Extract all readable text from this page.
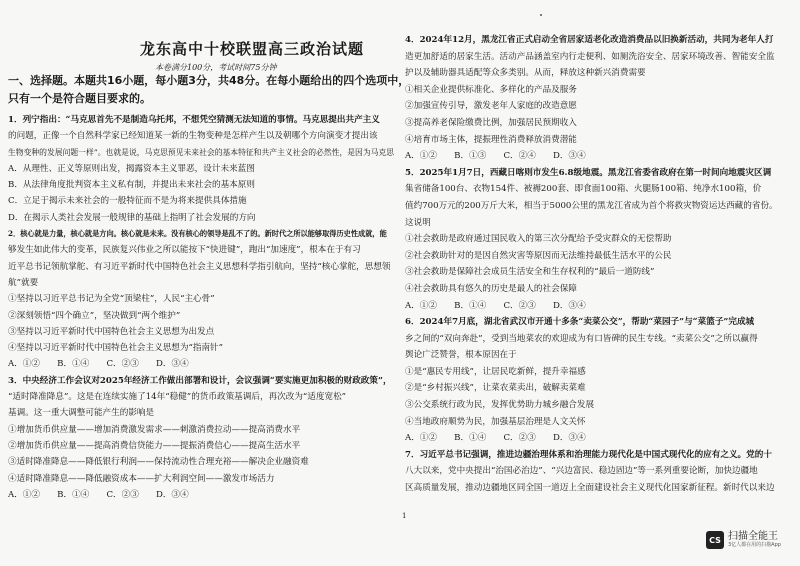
龙东高中十校联盟高三政治试题
本卷满分100分，考试时间75分钟
一、选择题。本题共16小题，每小题3分，共48分。在每小题给出的四个选项中，
只有一个是符合题目要求的。
1．列宁指出：“马克思首先不是制造乌托邦，不想凭空猜测无法知道的事情。马克思提出共产主义
的问题，正像一个自然科学家已经知道某一新的生物变种是怎样产生以及朝哪个方向演变才提出该
生物变种的发展问题一样”。也就是说，马克思预见未来社会的基本特征和共产主义社会的必然性，是因为马克思
A．从理性、正义等原则出发，揭露资本主义罪恶，设计未来蓝图
B．从法律角度批判资本主义私有制，并提出未来社会的基本原则
C．立足于揭示未来社会的一般特征而不是为将来提供具体措施
D．在揭示人类社会发展一般规律的基础上指明了社会发展的方向
2．核心就是力量，核心就是方向。核心就是未来。没有核心的领导是乱不了的。新时代之所以能够取得历史性成就，能
够发生如此伟大的变革，民族复兴伟业之所以能按下“快进键”，跑出“加速度”，根本在于有习
近平总书记领航掌舵、有习近平新时代中国特色社会主义思想科学指引航向，坚持“核心掌舵，思想领
航”就要
①坚持以习近平总书记为全党“顶梁柱”，人民“主心骨”
②深刻领悟“四个确立”，坚决做到“两个维护”
③坚持以习近平新时代中国特色社会主义思想为出发点
④坚持以习近平新时代中国特色社会主义思想为“指南针”
A．①②　　B．①④　　C．②③　　D．③④
3．中央经济工作会议对2025年经济工作做出部署和设计，会议强调“要实施更加积极的财政政策”，
“适时降准降息”。这是在连续实施了14年“稳健”的货币政策基调后，再次改为“适度宽松”
基调。这一重大调整可能产生的影响是
①增加货币供应量——增加消费激发需求——刺激消费拉动——提高消费水平
②增加货币供应量——提高消费信贷能力——提振消费信心——提高生活水平
③适时降准降息——降低银行利润——保持流动性合理充裕——解决企业融资难
④适时降准降息——降低融资成本——扩大利润空间——激发市场活力
A．①②　　B．①④　　C．②③　　D．③④
4．2024年12月，黑龙江省正式启动全省居家适老化改造消费品以旧换新活动，共同为老年人打
造更加舒适的居家生活。活动产品涵盖室内行走便利、如厕洗浴安全、居家环境改善、智能安全监
护以及辅助器具适配等众多类别。从而，释放这种新兴消费需要
①相关企业提供标准化、多样化的产品及服务
②加强宣传引导，激发老年人家庭的改造意愿
③提高养老保险缴费比例，加强居民预期收入
④培育市场主体，提振理性消费释放消费潜能
A．①②　　B．①③　　C．②④　　D．③④
5．2025年1月7日，西藏日喀则市发生6.8级地震。黑龙江省委省政府在第一时间向地震灾区调
集省储备100台、衣物154件、被褥200套、即食面100箱、火腿肠100箱、纯净水100箱，价
值约700万元的200万斤大米，相当于5000公里的黑龙江省成为首个将救灾物资运达西藏的省份。
这说明
①社会救助是政府通过国民收入的第三次分配给予受灾群众的无偿帮助
②社会救助针对的是因自然灾害等原因而无法维持最低生活水平的公民
③社会救助是保障社会成员生活安全和生存权利的“最后一道防线”
④社会救助具有悠久的历史是最人的社会保障
A．①②　　B．①④　　C．②③　　D．③④
6．2024年7月底，湖北省武汉市开通十多条“卖菜公交”，帮助“菜园子”与“菜篮子”完成城
乡之间的“双向奔赴”，受到当地菜农的欢迎成为有口皆碑的民生专线。“卖菜公交”之所以赢得
舆论广泛赞誉，根本原因在于
①是“惠民专用线”，让居民吃新鲜，提升幸福感
②是“乡村振兴线”，让菜农菜卖出，破解卖菜难
③公交系统行政为民，发挥优势助力城乡融合发展
④当地政府顺势为民，加强基层治理是人文关怀
A．①②　　B．①④　　C．②③　　D．③④
7．习近平总书记强调，推进边疆治理体系和治理能力现代化是中国式现代化的应有之义。党的十
八大以来，党中央提出“治国必治边”、“兴边富民、稳边固边”等一系列重要论断，加快边疆地
区高质量发展，推动边疆地区同全国一道迈上全面建设社会主义现代化国家新征程。新时代以来边
1
CS 扫描全能王
3亿人都在用的扫描App
